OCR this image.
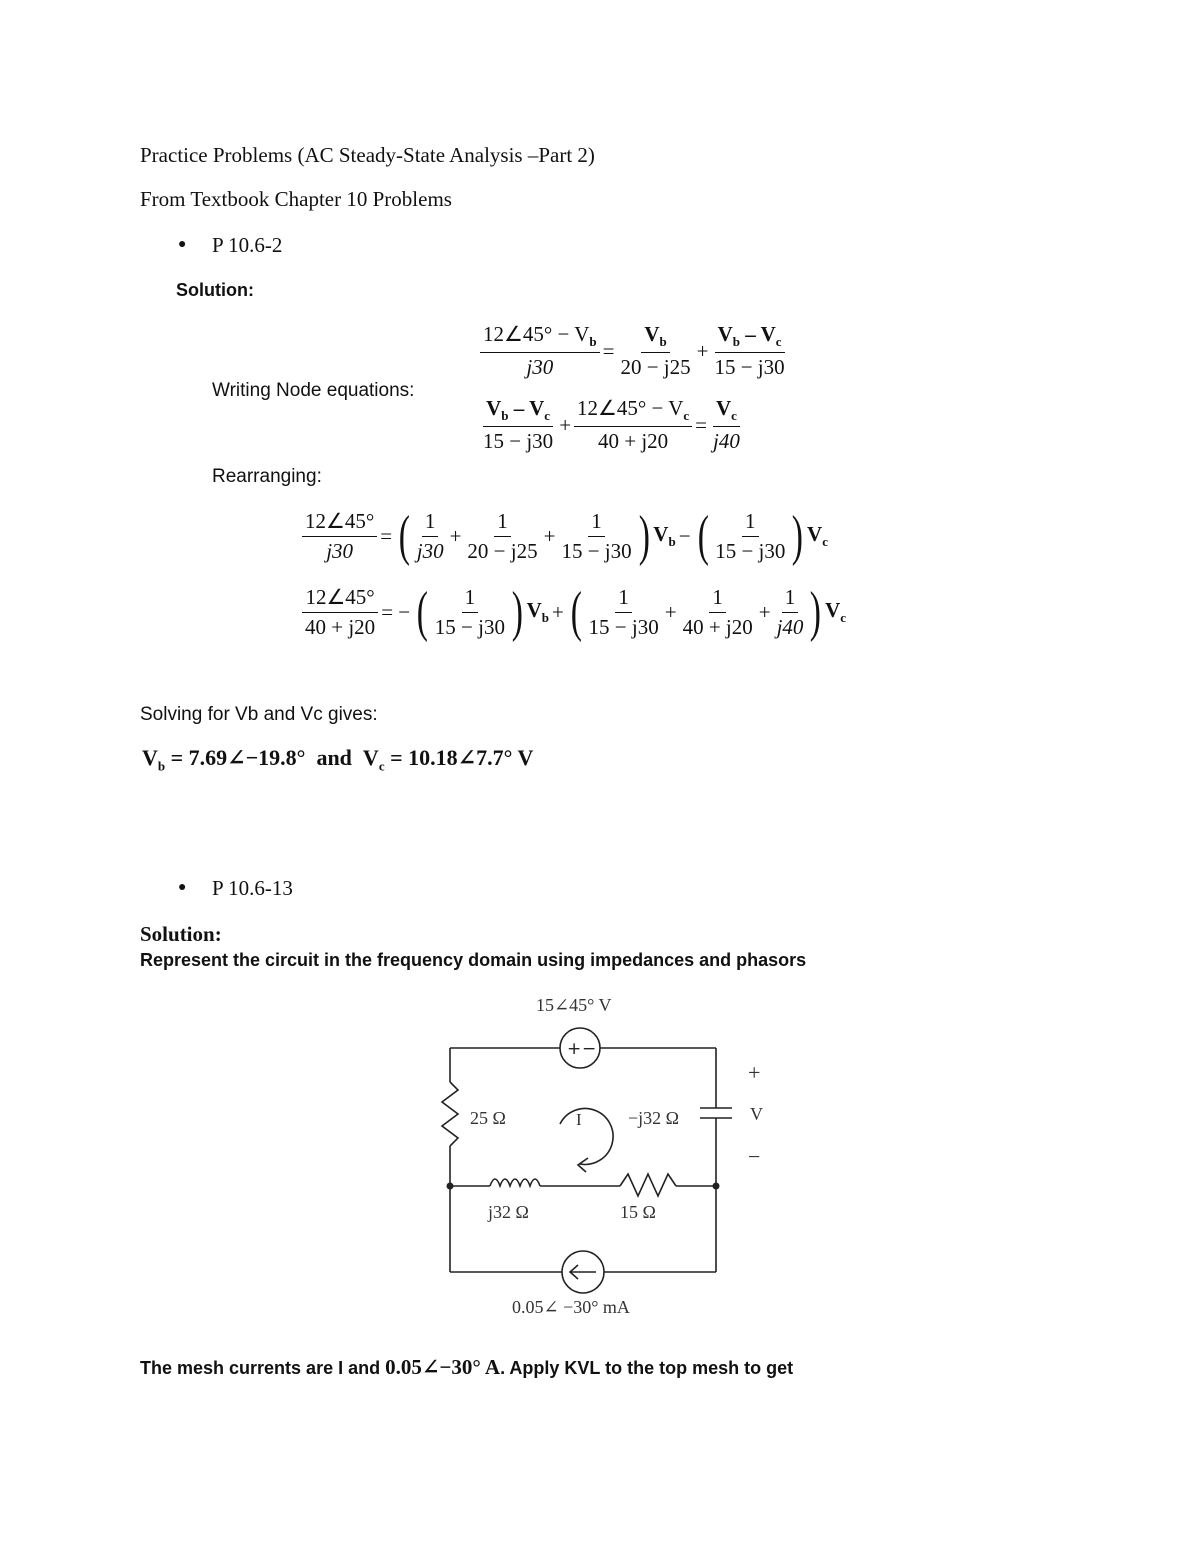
Practice Problems (AC Steady-State Analysis –Part 2)
From Textbook Chapter 10 Problems
● P 10.6-2
Solution:
Writing Node equations:
$\frac{12\angle 45^\circ - V_b}{j30} = \frac{V_b}{20 - j25} + \frac{V_b - V_c}{15 - j30}$
$\frac{V_b - V_c}{15 - j30} + \frac{12\angle 45^\circ - V_c}{40 + j20} = \frac{V_c}{j40}$
Rearranging:
$\frac{12\angle 45^\circ}{j30}$ = ( $\frac{1}{j30} + \frac{1}{20 - j25} + \frac{1}{15 - j30}$ ) $V_b$ − ( $\frac{1}{15 - j30}$ ) $V_c$
$\frac{12\angle 45^\circ}{40 + j20}$ = − ( $\frac{1}{15 - j30}$ ) $V_b$ + ( $\frac{1}{15 - j30} + \frac{1}{40 + j20} + \frac{1}{j40}$ ) $V_c$
Solving for Vb and Vc gives:
$V_b$ = 7.69∠−19.8° and  $V_c$ = 10.18∠7.7° V
● P 10.6-13
Solution:
Represent the circuit in the frequency domain using impedances and phasors
+ −
15∠45° V
25 Ω	I	−j32 Ω
+
V
−
j32 Ω	15 Ω
0.05∠ −30° mA
The mesh currents are I and 0.05∠−30° A. Apply KVL to the top mesh to get
